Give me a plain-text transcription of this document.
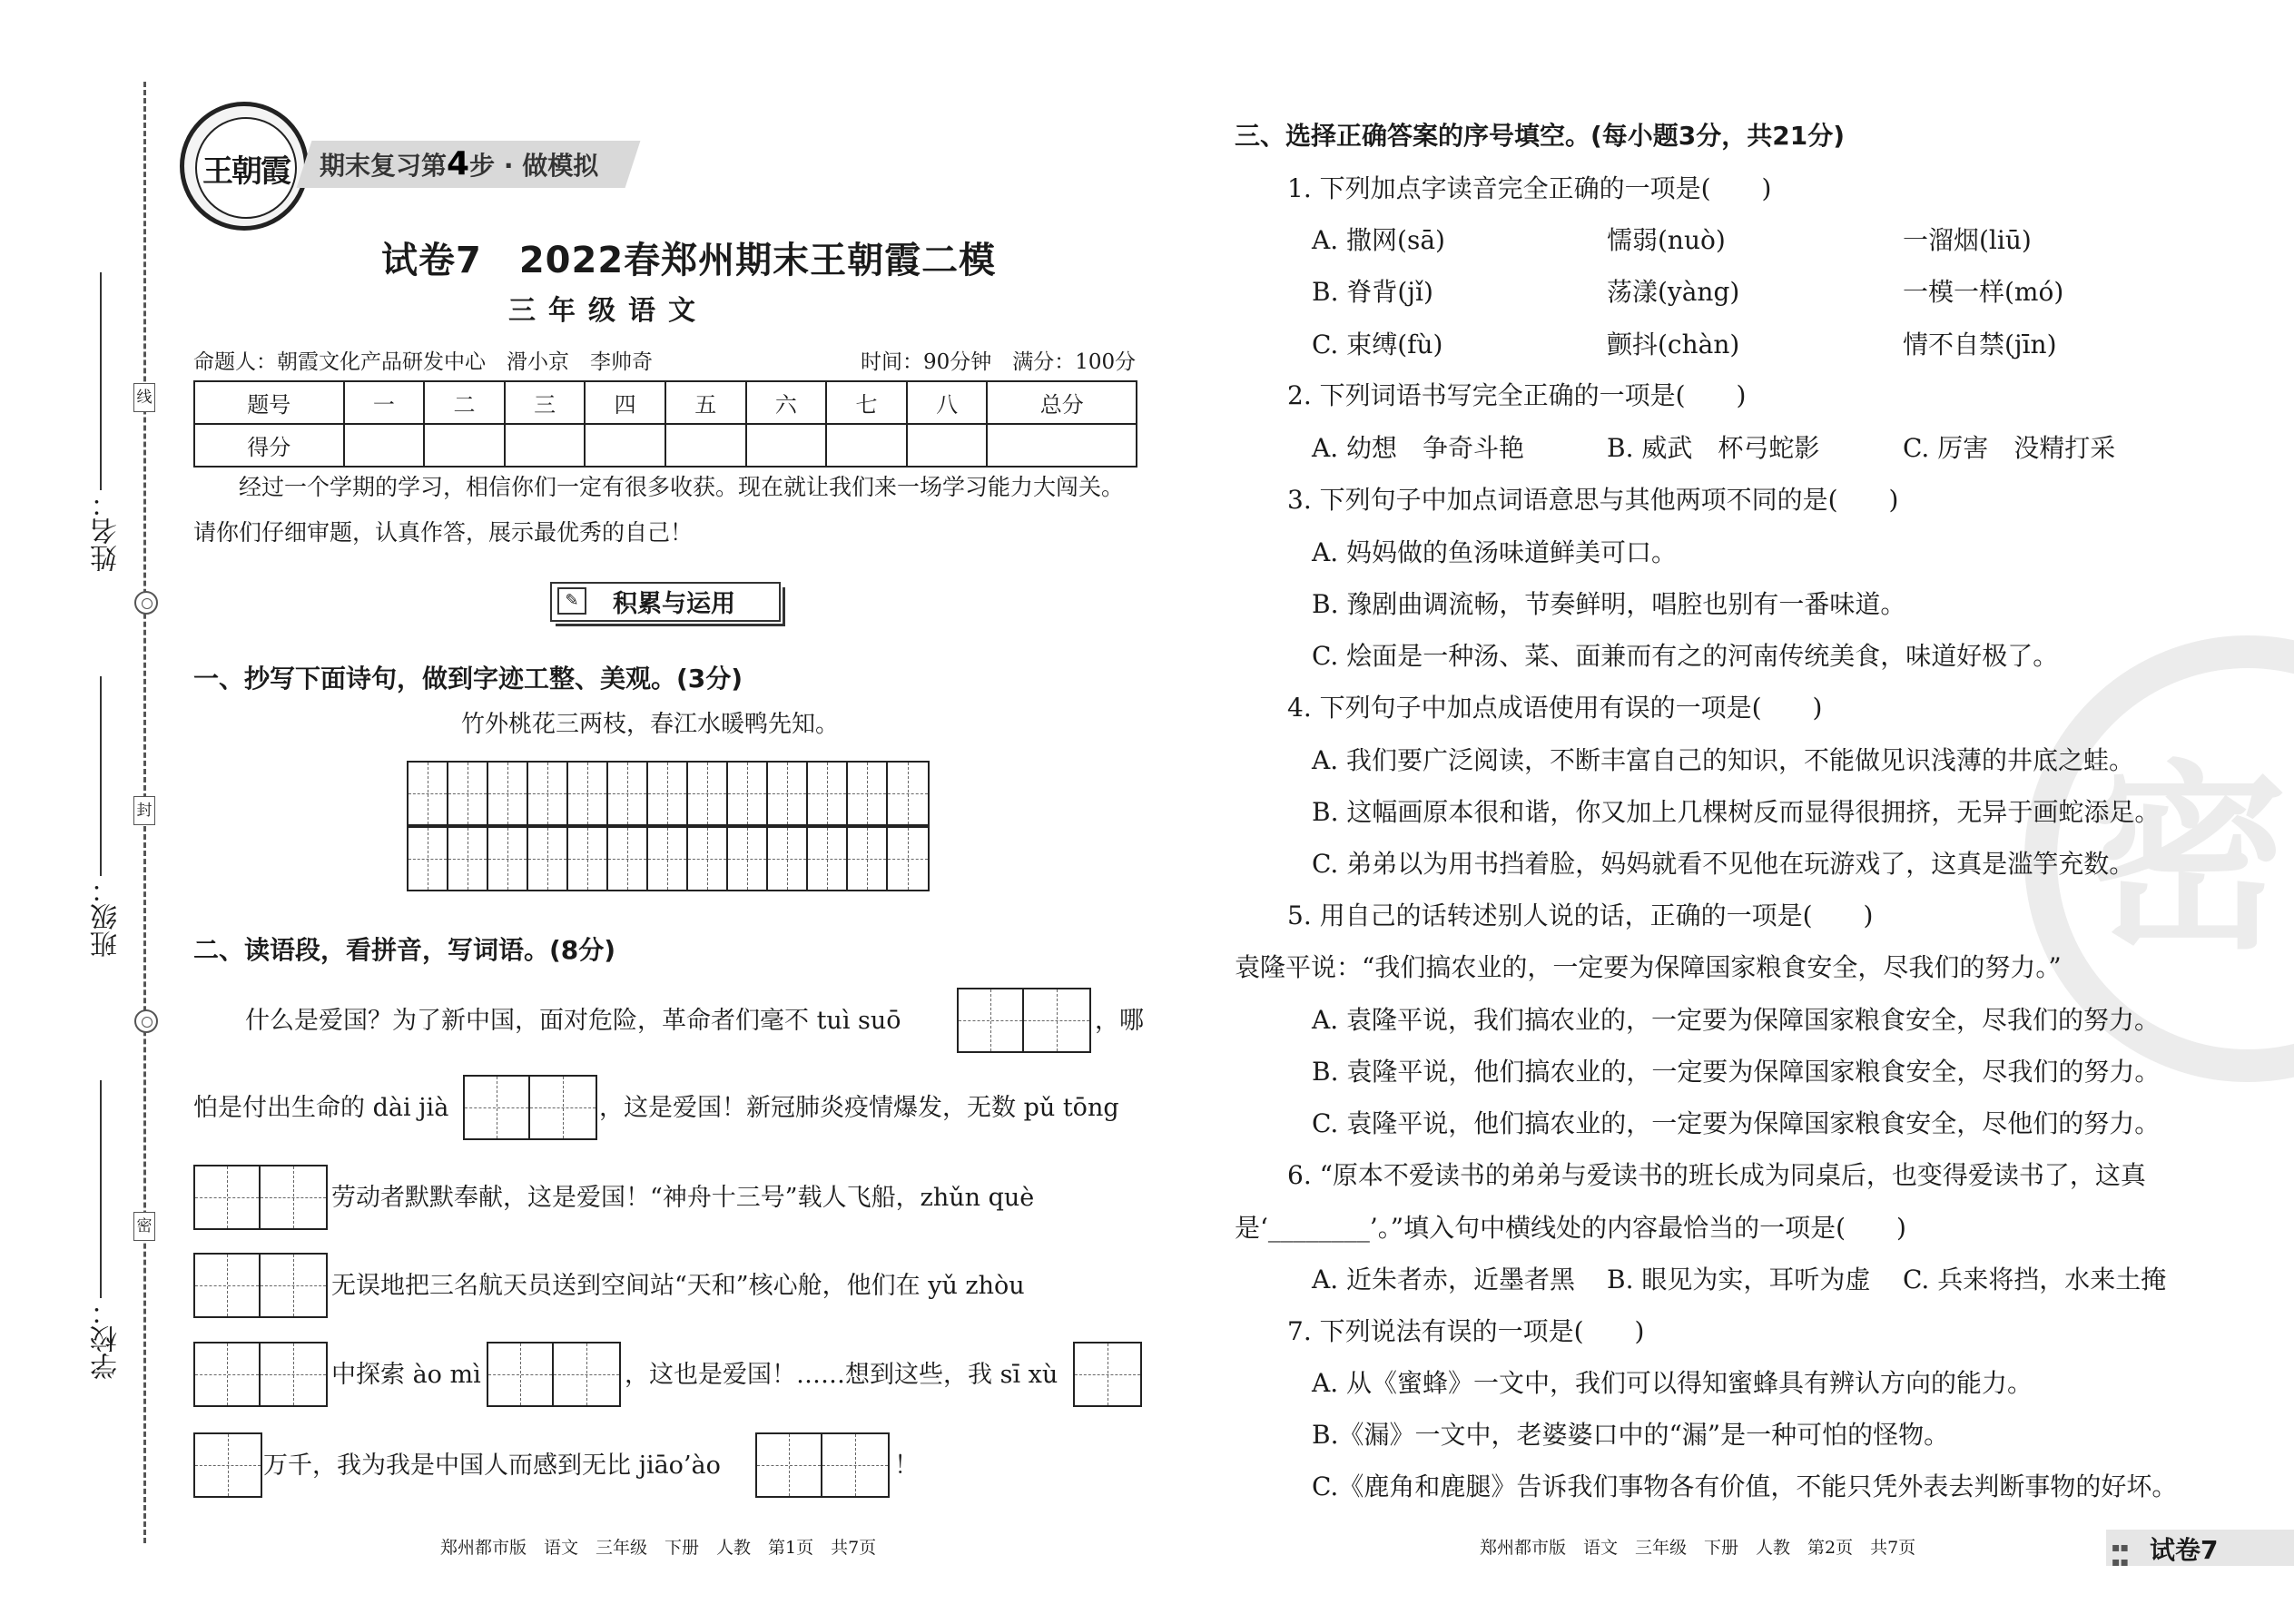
姓名：
班级：
学校：
线
封
密
王朝霞 期末复习第4步 · 做模拟
试卷7　2022春郑州期末王朝霞二模
三年级语文
命题人：朝霞文化产品研发中心　滑小京　李帅奇	时间：90分钟　满分：100分
题号	一	二	三	四	五	六	七	八	总分
得分									
经过一个学期的学习，相信你们一定有很多收获。现在就让我们来一场学习能力大闯关。
请你们仔细审题，认真作答，展示最优秀的自己！
✎	积累与运用
一、抄写下面诗句，做到字迹工整、美观。(3分)
竹外桃花三两枝，春江水暖鸭先知。
二、读语段，看拼音，写词语。(8分)
什么是爱国？为了新中国，面对危险，革命者们毫不 tuì suō	，哪
怕是付出生命的 dài jià	，这是爱国！新冠肺炎疫情爆发，无数 pǔ tōng
劳动者默默奉献，这是爱国！“神舟十三号”载人飞船，zhǔn què
无误地把三名航天员送到空间站“天和”核心舱，他们在 yǔ zhòu
中探索 ào mì	，这也是爱国！……想到这些，我 sī xù
万千，我为我是中国人而感到无比 jiāo’ào	！
郑州都市版　语文　三年级　下册　人教　第1页　共7页
密
三、选择正确答案的序号填空。(每小题3分，共21分)
1. 下列加点字读音完全正确的一项是(　　)
A. 撒网(sā)	懦弱(nuò)	一溜烟(liū)
B. 脊背(jǐ)	荡漾(yàng)	一模一样(mó)
C. 束缚(fù)	颤抖(chàn)	情不自禁(jīn)
2. 下列词语书写完全正确的一项是(　　)
A. 幼想　争奇斗艳	B. 威武　杯弓蛇影	C. 厉害　没精打采
3. 下列句子中加点词语意思与其他两项不同的是(　　)
A. 妈妈做的鱼汤味道鲜美可口。
B. 豫剧曲调流畅，节奏鲜明，唱腔也别有一番味道。
C. 烩面是一种汤、菜、面兼而有之的河南传统美食，味道好极了。
4. 下列句子中加点成语使用有误的一项是(　　)
A. 我们要广泛阅读，不断丰富自己的知识，不能做见识浅薄的井底之蛙。
B. 这幅画原本很和谐，你又加上几棵树反而显得很拥挤，无异于画蛇添足。
C. 弟弟以为用书挡着脸，妈妈就看不见他在玩游戏了，这真是滥竽充数。
5. 用自己的话转述别人说的话，正确的一项是(　　)
袁隆平说：“我们搞农业的，一定要为保障国家粮食安全，尽我们的努力。”
A. 袁隆平说，我们搞农业的，一定要为保障国家粮食安全，尽我们的努力。
B. 袁隆平说，他们搞农业的，一定要为保障国家粮食安全，尽我们的努力。
C. 袁隆平说，他们搞农业的，一定要为保障国家粮食安全，尽他们的努力。
6. “原本不爱读书的弟弟与爱读书的班长成为同桌后，也变得爱读书了，这真
是‘________’。”填入句中横线处的内容最恰当的一项是(　　)
A. 近朱者赤，近墨者黑 B. 眼见为实，耳听为虚 C. 兵来将挡，水来土掩
7. 下列说法有误的一项是(　　)
A. 从《蜜蜂》一文中，我们可以得知蜜蜂具有辨认方向的能力。
B.《漏》一文中，老婆婆口中的“漏”是一种可怕的怪物。
C.《鹿角和鹿腿》告诉我们事物各有价值，不能只凭外表去判断事物的好坏。
郑州都市版　语文　三年级　下册　人教　第2页　共7页	▪▪
▪▪ 试卷7
